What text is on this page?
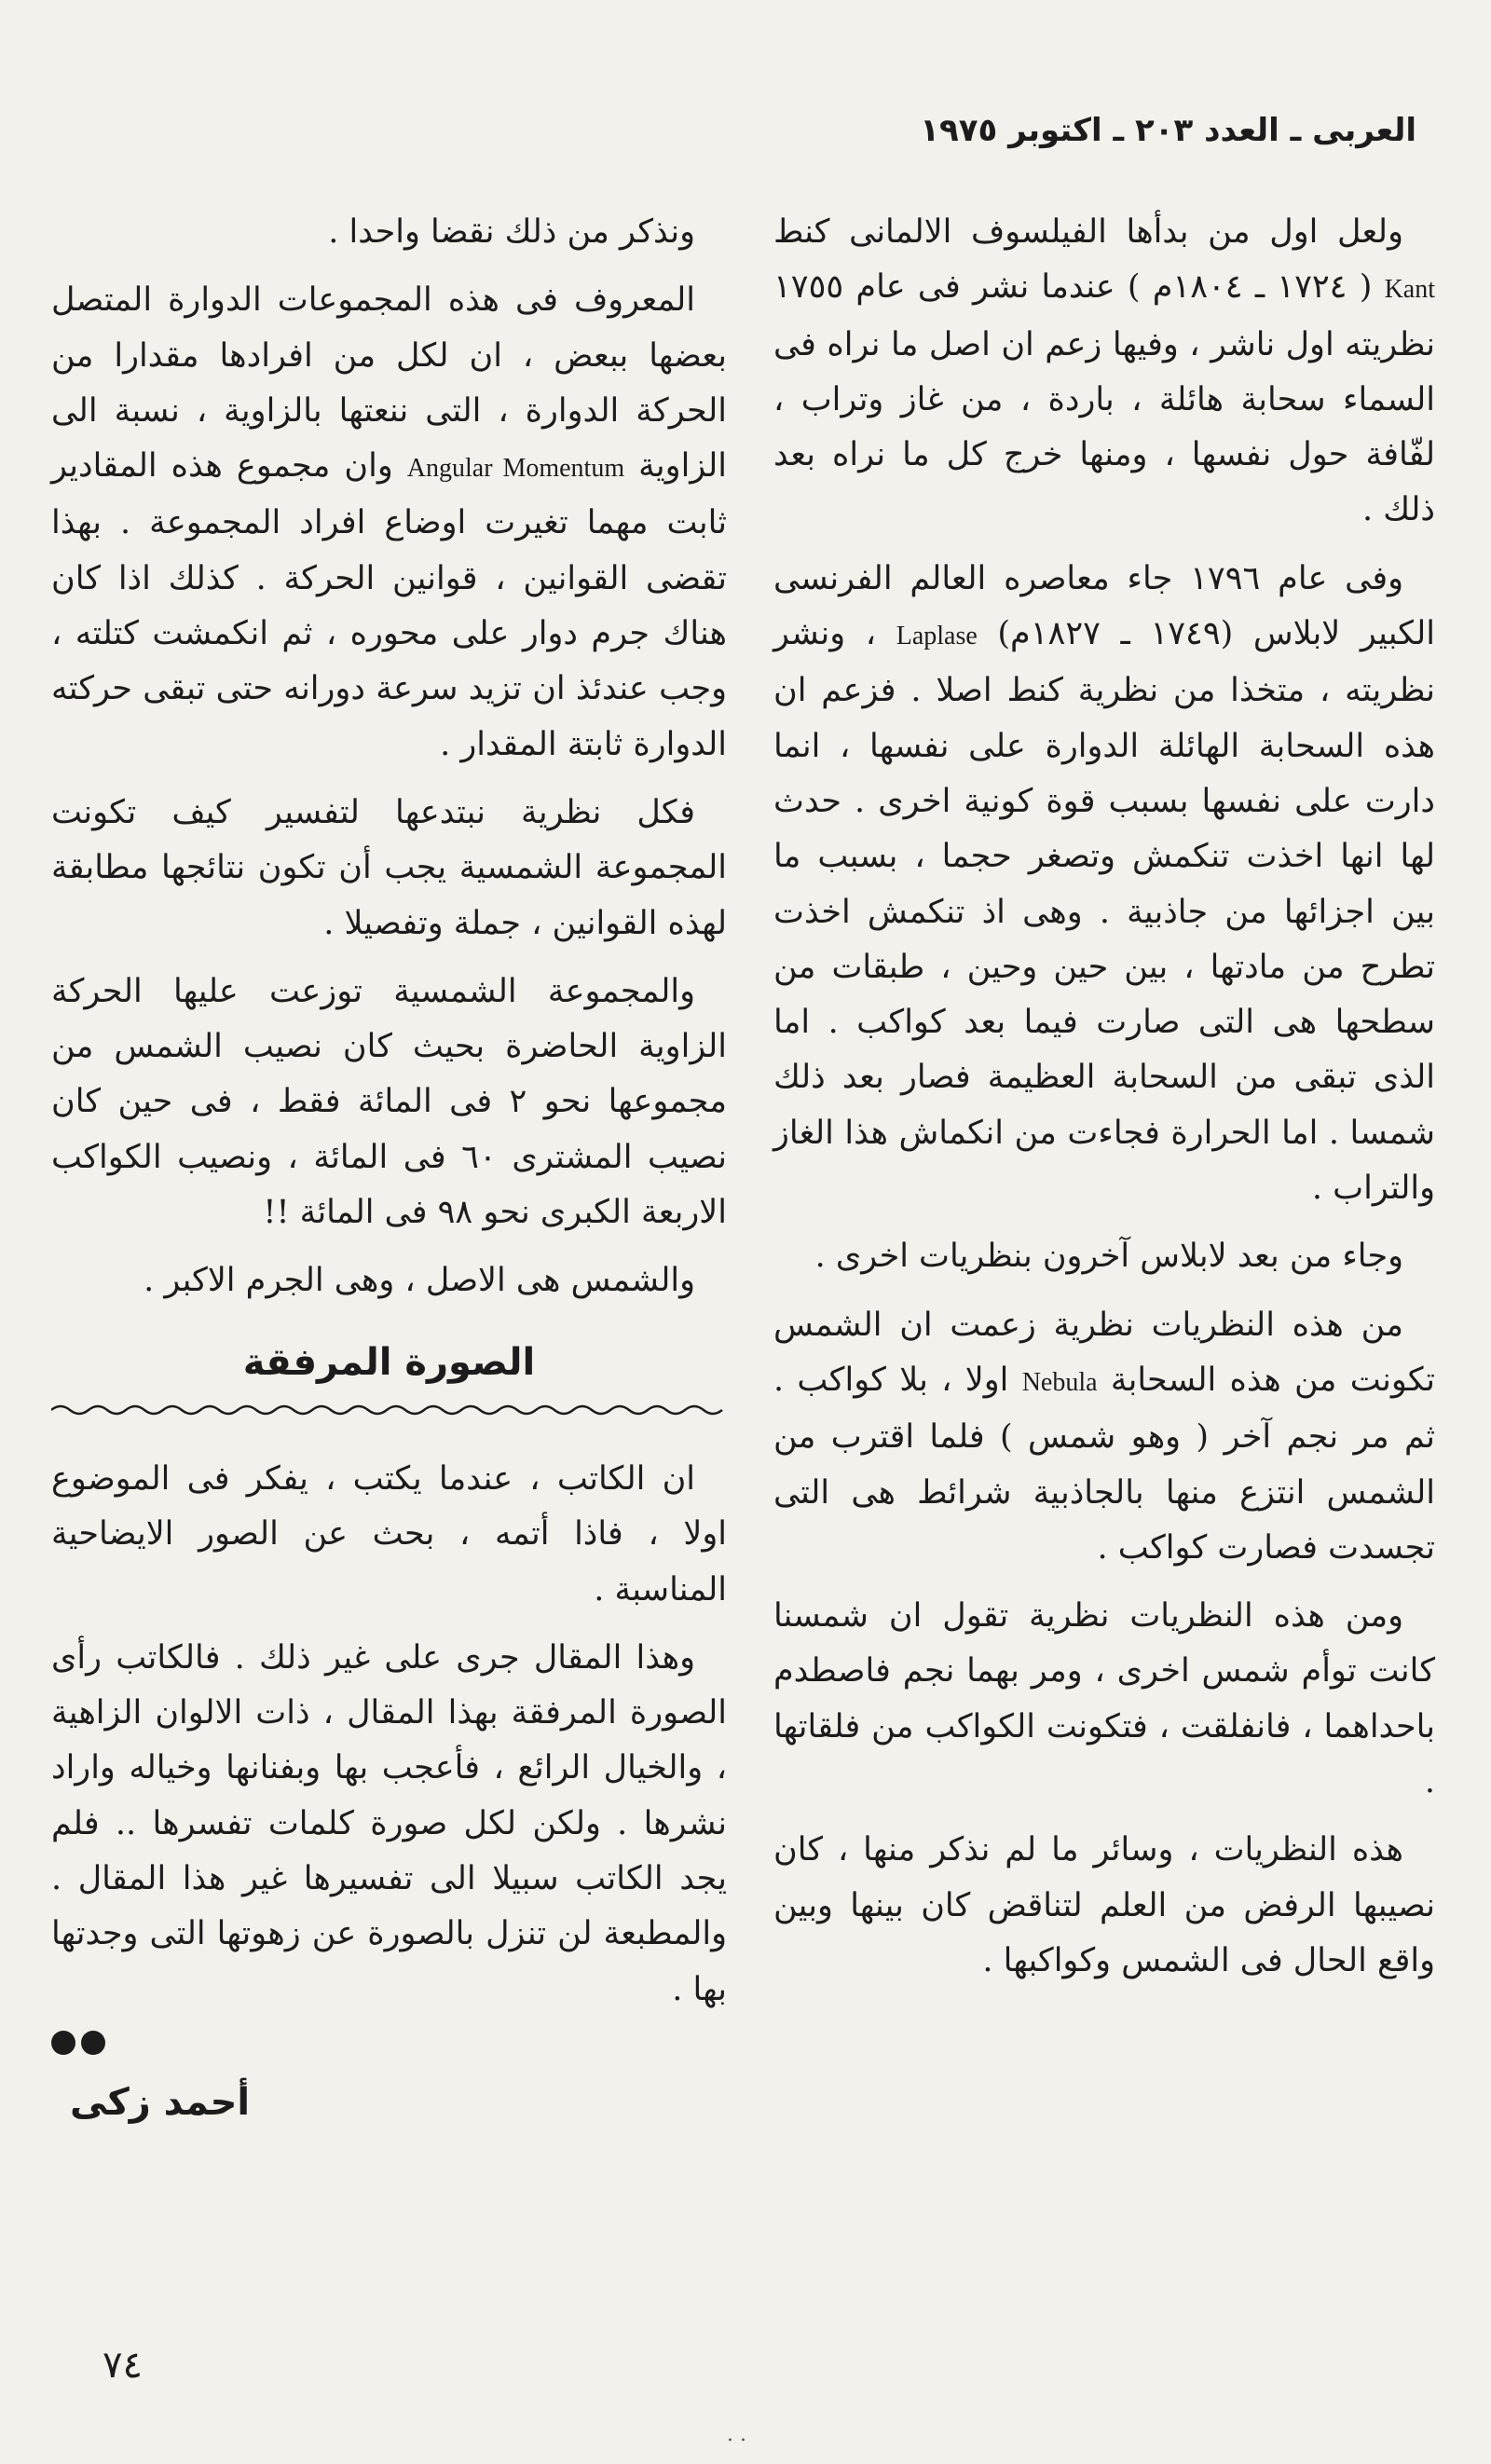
العربى ـ العدد ٢٠٣ ـ اكتوبر ١٩٧٥

ولعل اول من بدأها الفيلسوف الالمانى كنط Kant ( ١٧٢٤ ـ ١٨٠٤م ) عندما نشر فى عام ١٧٥٥ نظريته اول ناشر ، وفيها زعم ان اصل ما نراه فى السماء سحابة هائلة ، باردة ، من غاز وتراب ، لفّافة حول نفسها ، ومنها خرج كل ما نراه بعد ذلك .

وفى عام ١٧٩٦ جاء معاصره العالم الفرنسى الكبير لابلاس (١٧٤٩ ـ ١٨٢٧م) Laplase ، ونشر نظريته ، متخذا من نظرية كنط اصلا . فزعم ان هذه السحابة الهائلة الدوارة على نفسها ، انما دارت على نفسها بسبب قوة كونية اخرى . حدث لها انها اخذت تنكمش وتصغر حجما ، بسبب ما بين اجزائها من جاذبية . وهى اذ تنكمش اخذت تطرح من مادتها ، بين حين وحين ، طبقات من سطحها هى التى صارت فيما بعد كواكب . اما الذى تبقى من السحابة العظيمة فصار بعد ذلك شمسا . اما الحرارة فجاءت من انكماش هذا الغاز والتراب .

وجاء من بعد لابلاس آخرون بنظريات اخرى .

من هذه النظريات نظرية زعمت ان الشمس تكونت من هذه السحابة Nebula اولا ، بلا كواكب . ثم مر نجم آخر ( وهو شمس ) فلما اقترب من الشمس انتزع منها بالجاذبية شرائط هى التى تجسدت فصارت كواكب .

ومن هذه النظريات نظرية تقول ان شمسنا كانت توأم شمس اخرى ، ومر بهما نجم فاصطدم باحداهما ، فانفلقت ، فتكونت الكواكب من فلقاتها .

هذه النظريات ، وسائر ما لم نذكر منها ، كان نصيبها الرفض من العلم لتناقض كان بينها وبين واقع الحال فى الشمس وكواكبها .

ونذكر من ذلك نقضا واحدا .

المعروف فى هذه المجموعات الدوارة المتصل بعضها ببعض ، ان لكل من افرادها مقدارا من الحركة الدوارة ، التى ننعتها بالزاوية ، نسبة الى الزاوية Angular Momentum وان مجموع هذه المقادير ثابت مهما تغيرت اوضاع افراد المجموعة . بهذا تقضى القوانين ، قوانين الحركة . كذلك اذا كان هناك جرم دوار على محوره ، ثم انكمشت كتلته ، وجب عندئذ ان تزيد سرعة دورانه حتى تبقى حركته الدوارة ثابتة المقدار .

فكل نظرية نبتدعها لتفسير كيف تكونت المجموعة الشمسية يجب أن تكون نتائجها مطابقة لهذه القوانين ، جملة وتفصيلا .

والمجموعة الشمسية توزعت عليها الحركة الزاوية الحاضرة بحيث كان نصيب الشمس من مجموعها نحو ٢ فى المائة فقط ، فى حين كان نصيب المشترى ٦٠ فى المائة ، ونصيب الكواكب الاربعة الكبرى نحو ٩٨ فى المائة !!

والشمس هى الاصل ، وهى الجرم الاكبر .

الصورة المرفقة

ان الكاتب ، عندما يكتب ، يفكر فى الموضوع اولا ، فاذا أتمه ، بحث عن الصور الايضاحية المناسبة .

وهذا المقال جرى على غير ذلك . فالكاتب رأى الصورة المرفقة بهذا المقال ، ذات الالوان الزاهية ، والخيال الرائع ، فأعجب بها وبفنانها وخياله واراد نشرها . ولكن لكل صورة كلمات تفسرها .. فلم يجد الكاتب سبيلا الى تفسيرها غير هذا المقال . والمطبعة لن تنزل بالصورة عن زهوتها التى وجدتها بها .

أحمد زكى
٧٤
. .
